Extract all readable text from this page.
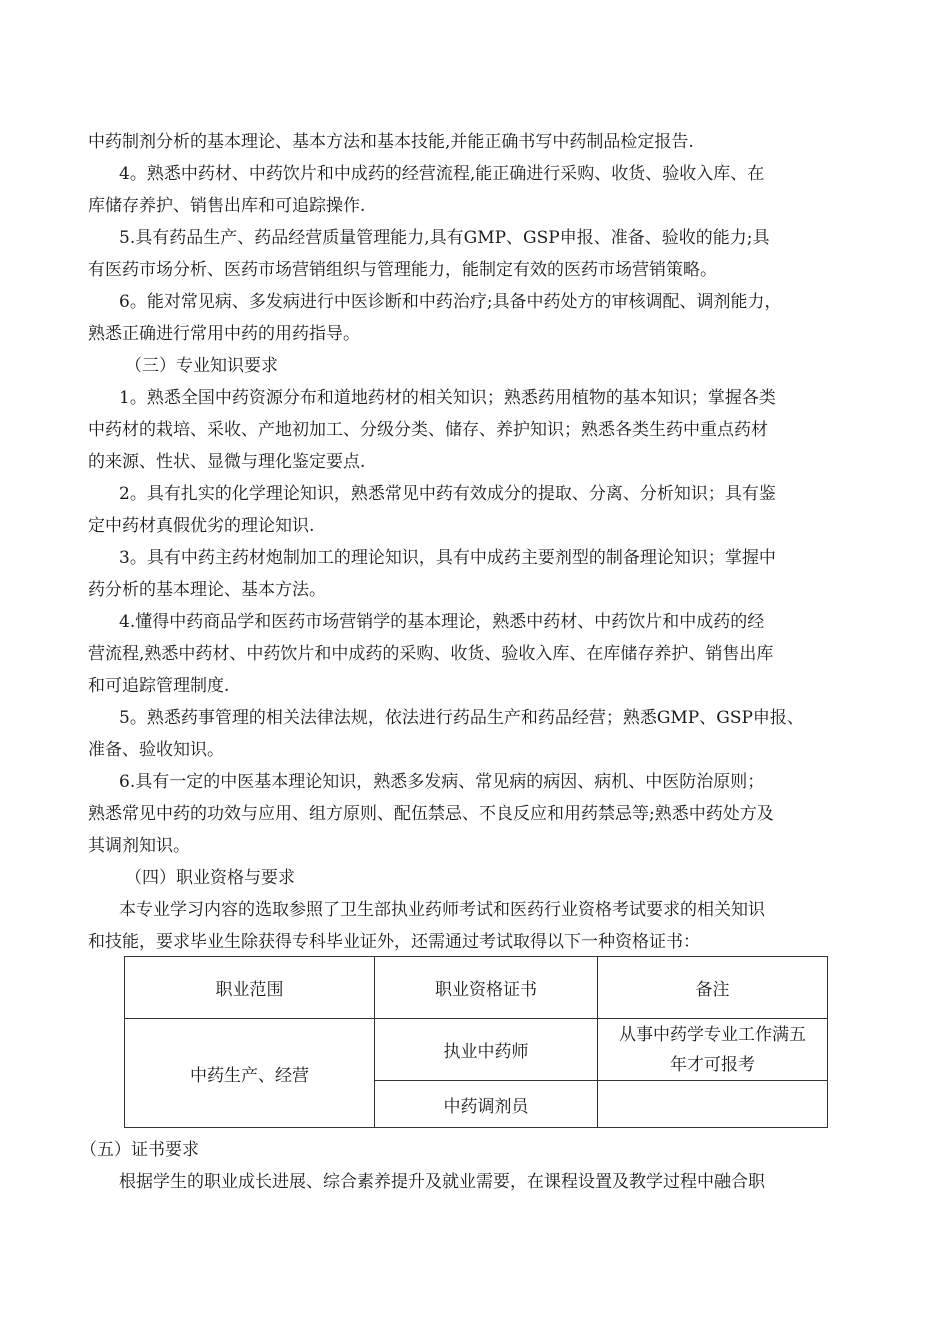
中药制剂分析的基本理论、基本方法和基本技能,并能正确书写中药制品检定报告.
4。熟悉中药材、中药饮片和中成药的经营流程,能正确进行采购、收货、验收入库、在
库储存养护、销售出库和可追踪操作.
5.具有药品生产、药品经营质量管理能力,具有GMP、GSP申报、准备、验收的能力;具
有医药市场分析、医药市场营销组织与管理能力，能制定有效的医药市场营销策略。
6。能对常见病、多发病进行中医诊断和中药治疗;具备中药处方的审核调配、调剂能力，
熟悉正确进行常用中药的用药指导。
（三）专业知识要求
1。熟悉全国中药资源分布和道地药材的相关知识；熟悉药用植物的基本知识；掌握各类
中药材的栽培、采收、产地初加工、分级分类、储存、养护知识；熟悉各类生药中重点药材
的来源、性状、显微与理化鉴定要点.
2。具有扎实的化学理论知识，熟悉常见中药有效成分的提取、分离、分析知识；具有鉴
定中药材真假优劣的理论知识.
3。具有中药主药材炮制加工的理论知识，具有中成药主要剂型的制备理论知识；掌握中
药分析的基本理论、基本方法。
4.懂得中药商品学和医药市场营销学的基本理论，熟悉中药材、中药饮片和中成药的经
营流程,熟悉中药材、中药饮片和中成药的采购、收货、验收入库、在库储存养护、销售出库
和可追踪管理制度.
5。熟悉药事管理的相关法律法规，依法进行药品生产和药品经营；熟悉GMP、GSP申报、
准备、验收知识。
6.具有一定的中医基本理论知识，熟悉多发病、常见病的病因、病机、中医防治原则；
熟悉常见中药的功效与应用、组方原则、配伍禁忌、不良反应和用药禁忌等;熟悉中药处方及
其调剂知识。
（四）职业资格与要求
本专业学习内容的选取参照了卫生部执业药师考试和医药行业资格考试要求的相关知识
和技能，要求毕业生除获得专科毕业证外，还需通过考试取得以下一种资格证书：
职业范围	职业资格证书	备注
中药生产、经营	执业中药师	从事中药学专业工作满五
年才可报考

	中药调剂员	
（五）证书要求
根据学生的职业成长进展、综合素养提升及就业需要，在课程设置及教学过程中融合职
